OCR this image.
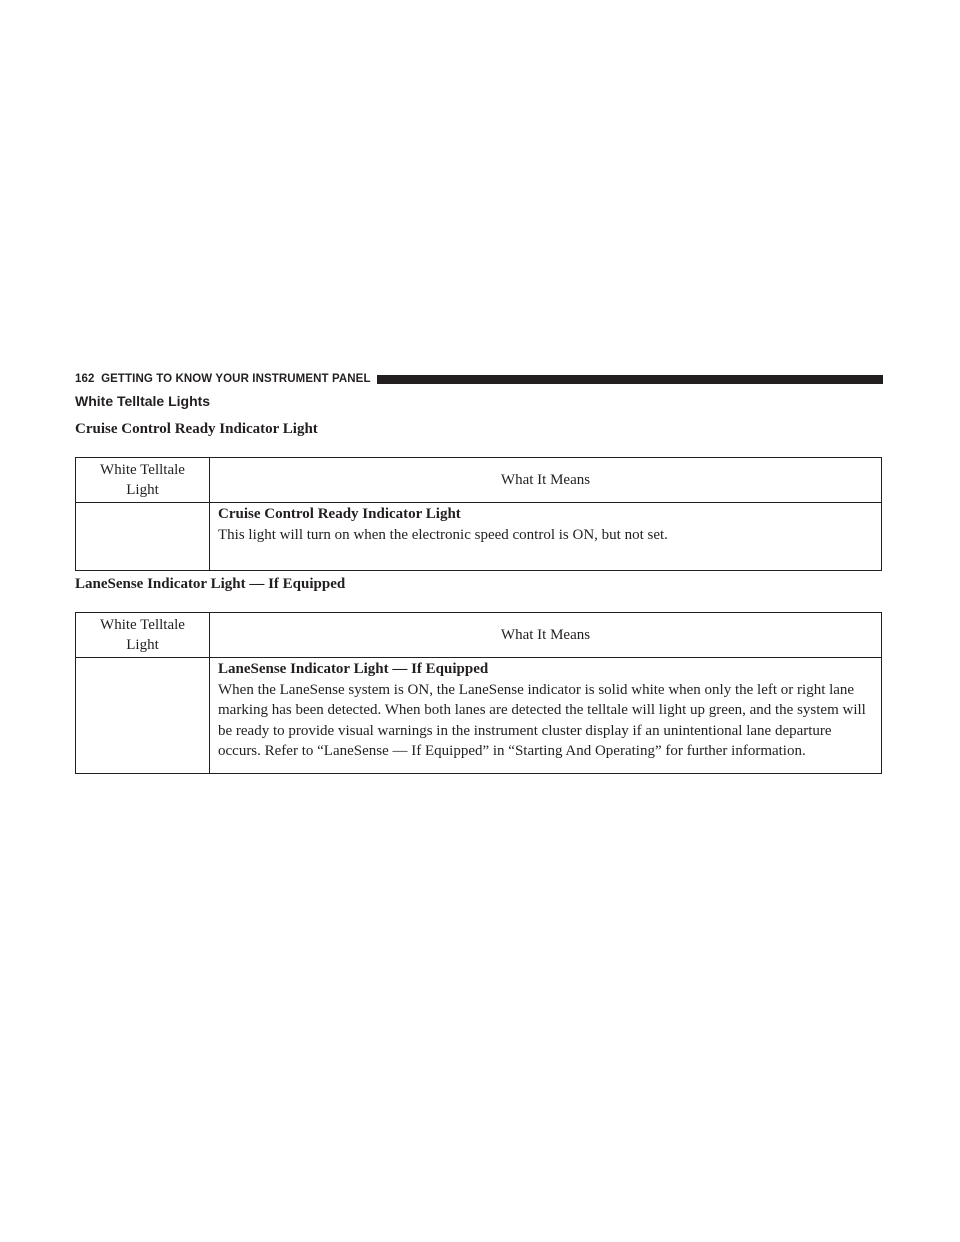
162
GETTING TO KNOW YOUR INSTRUMENT PANEL
White Telltale Lights
Cruise Control Ready Indicator Light
White Telltale
Light	What It Means

	Cruise Control Ready Indicator Light
This light will turn on when the electronic speed control is ON, but not set.
LaneSense Indicator Light — If Equipped
White Telltale
Light	What It Means

	LaneSense Indicator Light — If Equipped
When the LaneSense system is ON, the LaneSense indicator is solid white when only the left or right lane marking has been detected. When both lanes are detected the telltale will light up green, and the system will be ready to provide visual warnings in the instrument cluster display if an unintentional lane departure occurs. Refer to “LaneSense — If Equipped” in “Starting And Operating” for further information.
